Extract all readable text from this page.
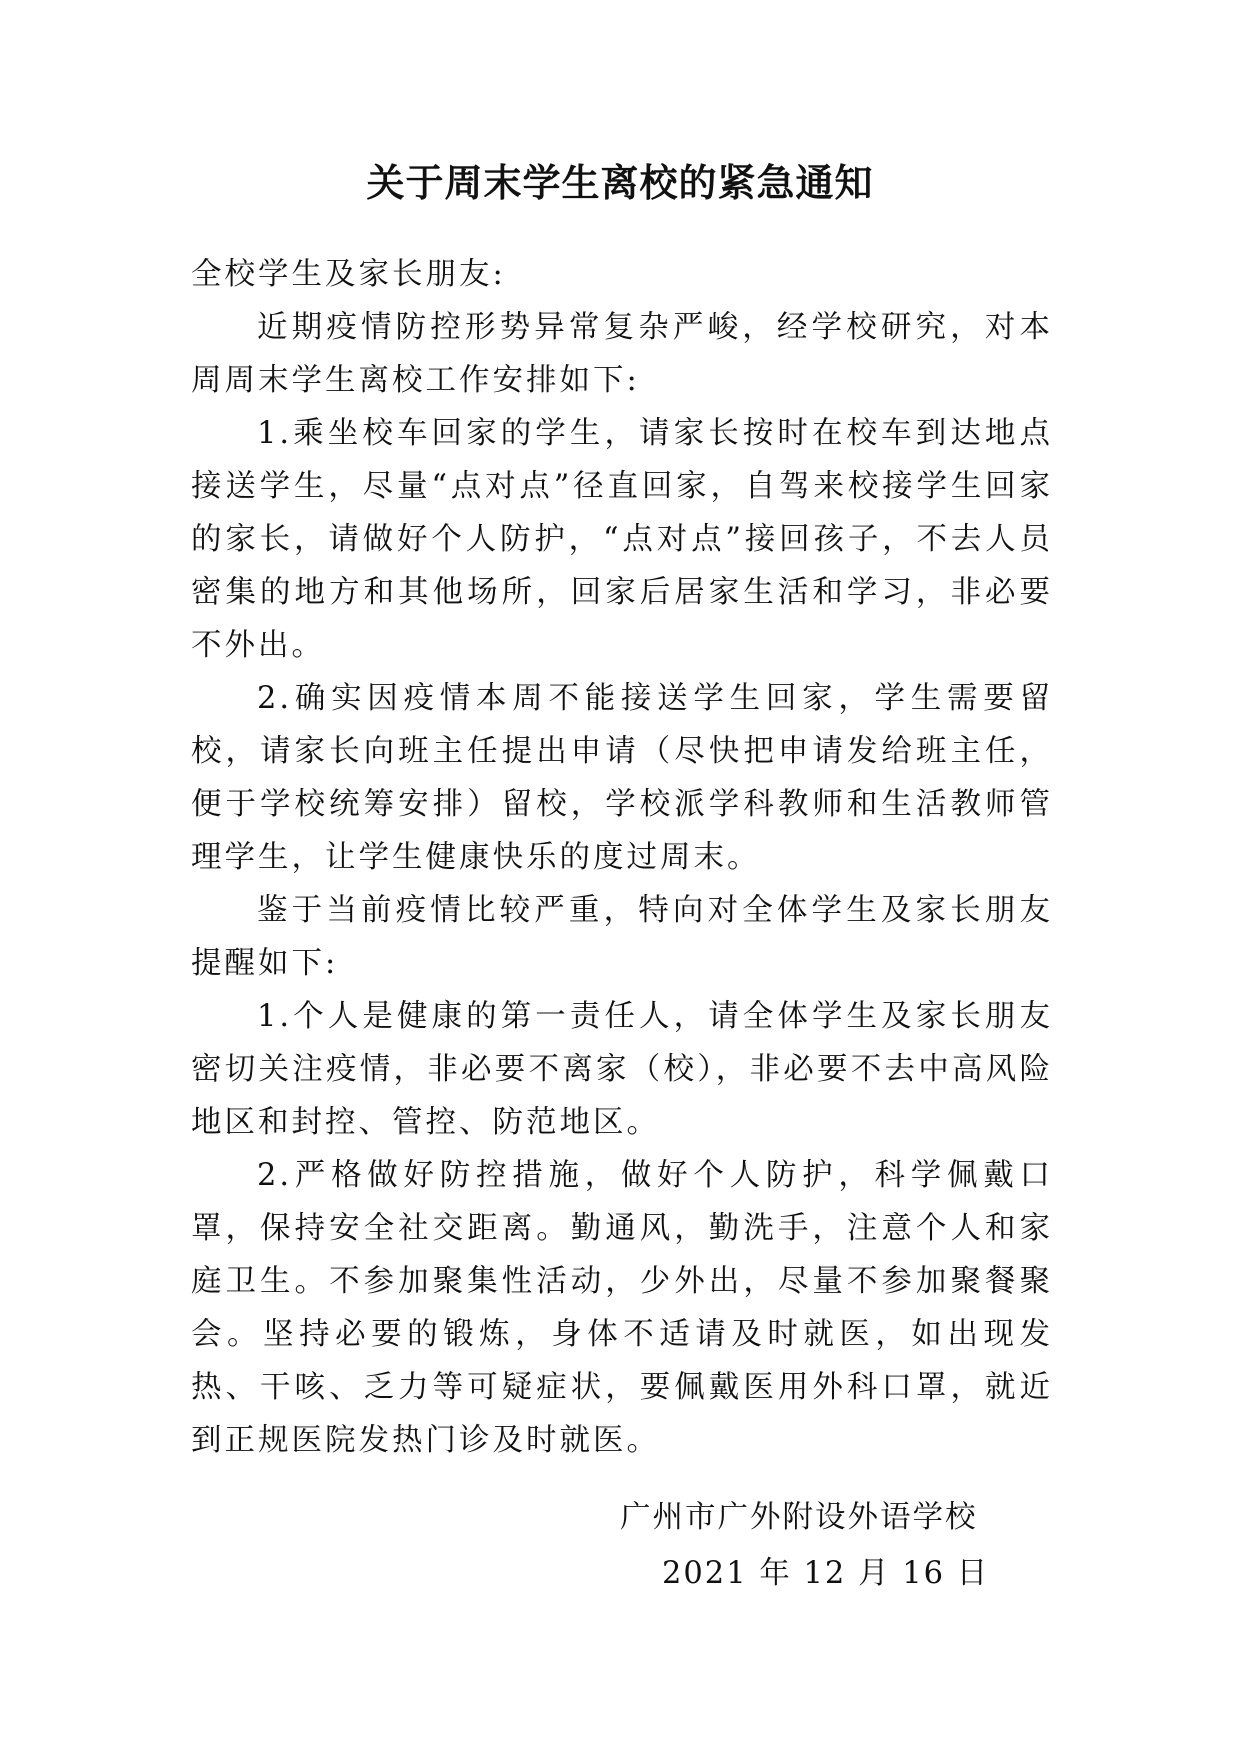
关于周末学生离校的紧急通知

全校学生及家长朋友:

近期疫情防控形势异常复杂严峻，经学校研究，对本周周末学生离校工作安排如下:

1.乘坐校车回家的学生，请家长按时在校车到达地点接送学生，尽量“点对点”径直回家，自驾来校接学生回家的家长，请做好个人防护，“点对点”接回孩子，不去人员密集的地方和其他场所，回家后居家生活和学习，非必要不外出。

2.确实因疫情本周不能接送学生回家，学生需要留校，请家长向班主任提出申请（尽快把申请发给班主任，便于学校统筹安排）留校，学校派学科教师和生活教师管理学生，让学生健康快乐的度过周末。

鉴于当前疫情比较严重，特向对全体学生及家长朋友提醒如下:

1.个人是健康的第一责任人，请全体学生及家长朋友密切关注疫情，非必要不离家（校），非必要不去中高风险地区和封控、管控、防范地区。

2.严格做好防控措施，做好个人防护，科学佩戴口罩，保持安全社交距离。勤通风，勤洗手，注意个人和家庭卫生。不参加聚集性活动，少外出，尽量不参加聚餐聚会。坚持必要的锻炼，身体不适请及时就医，如出现发热、干咳、乏力等可疑症状，要佩戴医用外科口罩，就近到正规医院发热门诊及时就医。

广州市广外附设外语学校
2021 年 12 月 16 日
